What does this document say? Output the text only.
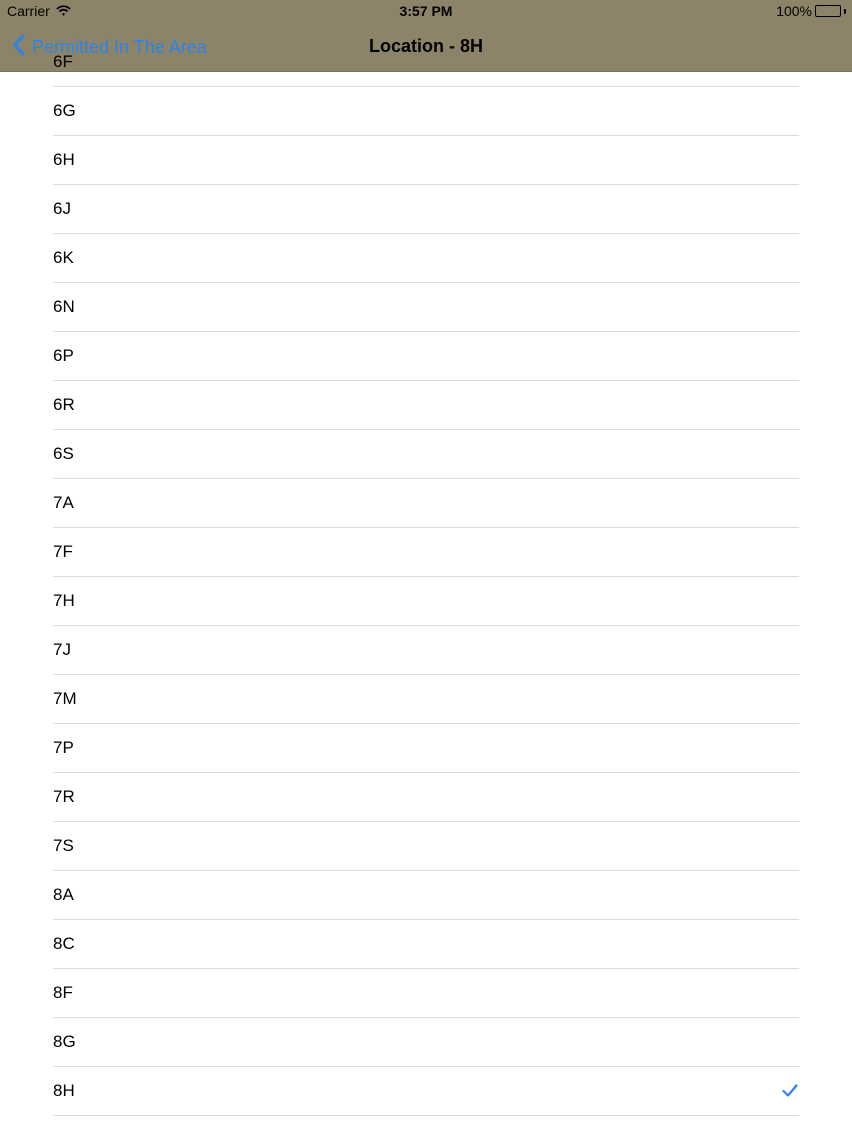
Carrier	3:57 PM	100%
Permitted In The Area	Location - 8H
6F
6G
6H
6J
6K
6N
6P
6R
6S
7A
7F
7H
7J
7M
7P
7R
7S
8A
8C
8F
8G
8H
